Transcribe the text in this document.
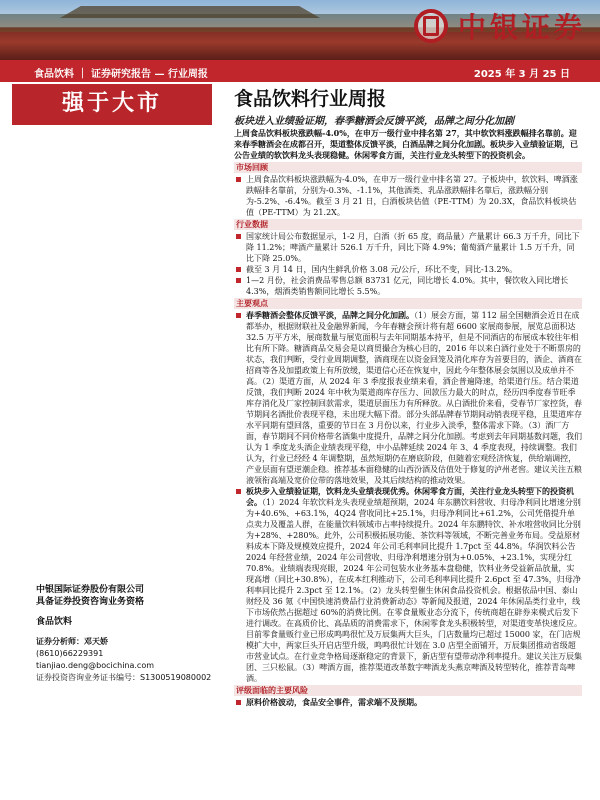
中银证券
食品饮料 ｜ 证券研究报告 — 行业周报	2025 年 3 月 25 日
强于大市	食品饮料行业周报
板块进入业绩验证期，春季糖酒会反馈平淡，品牌之间分化加剧

上周食品饮料板块涨跌幅-4.0%，在申万一级行业中排名第 27，其中软饮料涨跌幅排名靠前。迎来春季糖酒会在成都召开，渠道整体反馈平淡，白酒品牌之间分化加剧。板块步入业绩验证期，已公告业绩的软饮料龙头表现稳健。休闲零食方面，关注行业龙头转型下的投资机会。

市场回顾

上周食品饮料板块涨跌幅为-4.0%，在申万一级行业中排名第 27。子板块中，软饮料、啤酒涨跌幅排名靠前，分别为-0.3%、-1.1%，其他酒类、乳品涨跌幅排名靠后，涨跌幅分别为-5.2%、-6.4%。截至 3 月 21 日，白酒板块估值（PE-TTM）为 20.3X，食品饮料板块估值（PE-TTM）为 21.2X。

行业数据

国家统计局公布数据显示，1-2 月，白酒（折 65 度，商品量）产量累计 66.3 万千升，同比下降 11.2%；啤酒产量累计 526.1 万千升，同比下降 4.9%；葡萄酒产量累计 1.5 万千升，同比下降 25.0%。

截至 3 月 14 日，国内生鲜乳价格 3.08 元/公斤，环比不变，同比-13.2%。

1—2 月份，社会消费品零售总额 83731 亿元，同比增长 4.0%。其中，餐饮收入同比增长 4.3%，烟酒类销售额同比增长 5.5%。

主要观点

春季糖酒会整体反馈平淡，品牌之间分化加剧。（1）展会方面，第 112 届全国糖酒会近日在成都举办，根据财联社及金融界新闻，今年春糖会预计将有超 6600 家展商参展，展览总面积达 32.5 万平方米，展商数量与展览面积与去年同期基本持平，但是不同酒店的布展成本较往年相比有所下降。糖酒商品交易会是以商贸撮合为核心目的，2016 年以来白酒行业处于不断票房的状态，我们判断，受行业周期调整，酒商现在以资金回笼及消化库存为首要目的，酒企、酒商在招商等各及加盟政策上有所放缓，渠道信心还在恢复中，因此今年整体展会氛围以及成单并不高。（2）渠道方面，从 2024 年 3 季度报表业绩来看，酒企普遍降速，给渠道行压。结合渠道反馈，我们判断 2024 年中秋为渠道商库存压力、回款压力最大的时点，经历四季度春节旺季库存消化及厂家控制回款需求，渠道层面压力有所释放。从白酒批价来看，受春节厂家控货，春节期间名酒批价表现平稳，未出现大幅下滑。部分头部品牌春节期间动销表现平稳，且渠道库存水平同期有望回落，重要的节日在 3 月份以来，行业步入淡季，整体需求下降。（3）酒厂方面，春节期间不同价格带名酒集中度提升，品牌之间分化加剧。考虑到去年同期基数问题，我们认为 1 季度龙头酒企业绩表现平稳，中小品牌延续 2024 年 3、4 季度表现，持续调整。我们认为，行业已经经 4 年调整期，虽然短期仍在磨底阶段，但随着宏观经济恢复，供给端调控，产业层面有望逆潮企稳。推荐基本面稳健的山西汾酒及估值处于修复的泸州老窖。建议关注五粮液领衔高端及宽价位带的落地效果，及其后续结构的推动效果。

板块步入业绩验证期，饮料龙头业绩表现优秀。休闲零食方面，关注行业龙头转型下的投资机会。（1）2024 年软饮料龙头表现业绩超预期，2024 年东鹏饮料营收、归母净利同比增速分别为+40.6%、+63.1%，4Q24 营收同比+25.1%，归母净利同比+61.2%，公司凭借提升单点卖力及覆盖人群，在能量饮料领域市占率持续提升。2024 年东鹏特饮、补水啦营收同比分别为+28%、+280%。此外，公司积极拓展功能、茶饮料等领域，不断完善业务布局。受益原材料成本下降及规模效应提升，2024 年公司毛利率同比提升 1.7pct 至 44.8%。华润饮料公告 2024 年经营业绩，2024 年公司营收、归母净利增速分别为+0.05%、+23.1%，实现分红 70.8%。业绩端表现亮眼，2024 年公司包装水业务基本盘稳健，饮料业务受益新品放量，实现高增（同比+30.8%），在成本红利推动下，公司毛利率同比提升 2.6pct 至 47.3%，归母净利率同比提升 2.3pct 至 12.1%。（2）龙头转型催生休闲食品投资机会。根据依品中国、泰山财经及 36 氪《中国快速消费品行业消费新动态》等新闻及报道，2024 年休闲品类行业中，线下市场依然占据超过 60%的消费比例。在零食量贩业态分流下，传统商超在辟券来模式后发下进行调改。在高质价比、高品质的消费需求下，休闲零食龙头积极转型，对渠道变革快速反应。目前零食量贩行业已形成鸣鸣很忙及万辰集两大巨头，门店数量均已超过 15000 家，在门店规模扩大中，两家巨头开启店型升级，鸣鸣很忙计划在 3.0 店型全面铺开，万辰集团推动省级超市营业试点。在行业竞争格局逐渐稳定的背景下，新店型有望带动净利率提升。建议关注万辰集团、三只松鼠。（3）啤酒方面，推荐渠道改革数字啤酒龙头燕京啤酒及转型转化，推荐青岛啤酒。

评级面临的主要风险

原料价格波动，食品安全事件，需求端不及预期。

中银国际证券股份有限公司
具备证券投资咨询业务资格
食品饮料
证券分析师：邓天娇
(8610)66229391
tianjiao.deng@bocichina.com
证券投资咨询业务证书编号：S1300519080002
